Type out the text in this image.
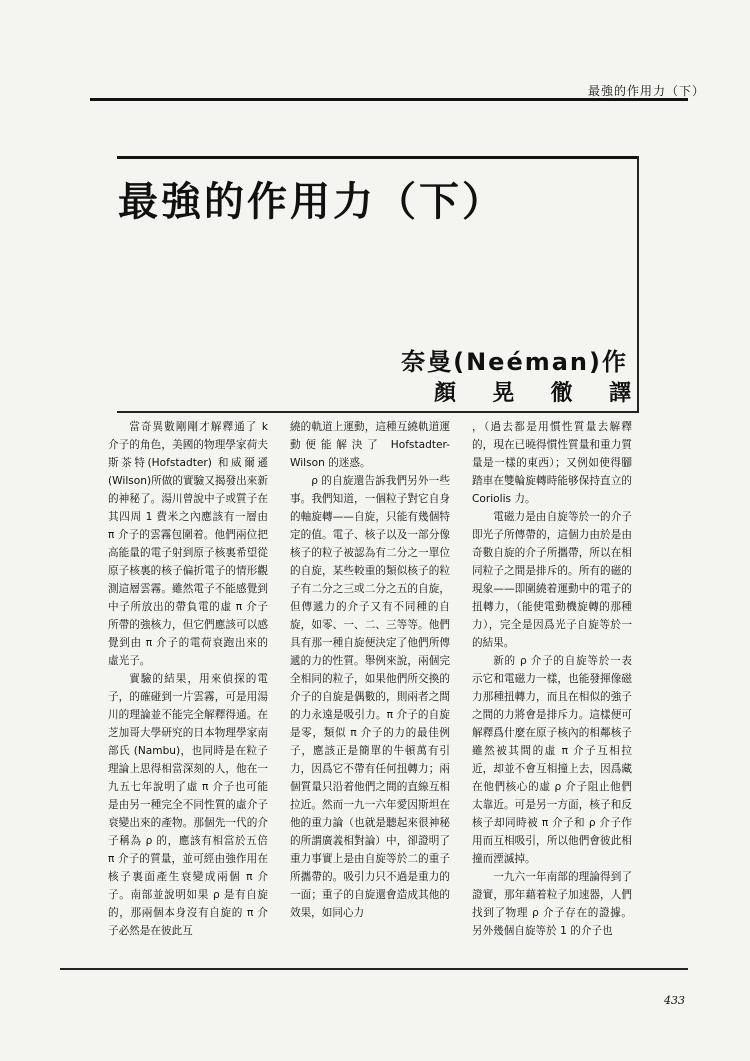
最強的作用力（下）
最強的作用力（下）
奈曼(Neéman)作
顏 晃 徹 譯

當奇異數剛剛才解釋通了 k 介子的角色，美國的物理學家荷夫斯茶特(Hofstadter) 和威爾遜(Wilson)所做的實驗又揭發出來新的神秘了。湯川曾說中子或質子在其四周 1 費米之內應該有一層由 π 介子的雲霧包圍着。他們兩位把高能量的電子射到原子核裏希望從原子核裏的核子偏折電子的情形觀測這層雲霧。雖然電子不能感覺到中子所放出的帶負電的虛 π 介子所帶的強核力，但它們應該可以感覺到由 π 介子的電荷衰跑出來的虛光子。

實驗的結果，用來偵探的電子，的確碰到一片雲霧，可是用湯川的理論並不能完全解釋得通。在芝加哥大學研究的日本物理學家南部氏 (Nambu)，也同時是在粒子理論上思得相當深刻的人，他在一九五七年說明了虛 π 介子也可能是由另一種完全不同性質的虛介子衰變出來的產物。那個先一代的介子稱為 ρ 的，應該有相當於五倍 π 介子的質量，並可經由強作用在核子裏面產生衰變成兩個 π 介子。南部並說明如果 ρ 是有自旋的，那兩個本身沒有自旋的 π 介子必然是在彼此互

繞的軌道上運動，這種互繞軌道運動便能解決了 Hofstadter-Wilson 的迷惑。

ρ 的自旋還告訴我們另外一些事。我們知道，一個粒子對它自身的軸旋轉——自旋，只能有幾個特定的值。電子、核子以及一部分像核子的粒子被認為有二分之一單位的自旋，某些較重的類似核子的粒子有二分之三或二分之五的自旋，但傳遞力的介子又有不同種的自旋，如零、一、二、三等等。他們具有那一種自旋便決定了他們所傳遞的力的性質。舉例來說，兩個完全相同的粒子，如果他們所交換的介子的自旋是偶數的，則兩者之間的力永遠是吸引力。π 介子的自旋是零，類似 π 介子的力的最佳例子，應該正是簡單的牛頓萬有引力，因爲它不帶有任何扭轉力；兩個質量只沿着他們之間的直線互相拉近。然而一九一六年愛因斯坦在他的重力論（也就是聽起來很神秘的所謂廣義相對論）中，卻證明了重力事實上是由自旋等於二的重子所攜帶的。吸引力只不過是重力的一面；重子的自旋還會造成其他的效果，如同心力

，（過去都是用慣性質量去解釋的，現在已曉得慣性質量和重力質量是一樣的東西）；又例如使得腳踏車在雙輪旋轉時能够保持直立的 Coriolis 力。

電磁力是由自旋等於一的介子即光子所傳帶的，這個力由於是由奇數自旋的介子所攜帶，所以在相同粒子之間是排斥的。所有的磁的現象——即圍繞着運動中的電子的扭轉力，（能使電動機旋轉的那種力），完全是因爲光子自旋等於一的結果。

新的 ρ 介子的自旋等於一表示它和電磁力一樣，也能發揮像磁力那種扭轉力，而且在相似的強子之間的力將會是排斥力。這樣便可解釋爲什麼在原子核內的相鄰核子雖然被其間的虛 π 介子互相拉近，却並不會互相撞上去，因爲藏在他們核心的虛 ρ 介子阻止他們太靠近。可是另一方面，核子和反核子却同時被 π 介子和 ρ 介子作用而互相吸引，所以他們會彼此相撞而湮滅掉。

一九六一年南部的理論得到了證實，那年藉着粒子加速器，人們找到了物理 ρ 介子存在的證據。另外幾個自旋等於 1 的介子也

433
